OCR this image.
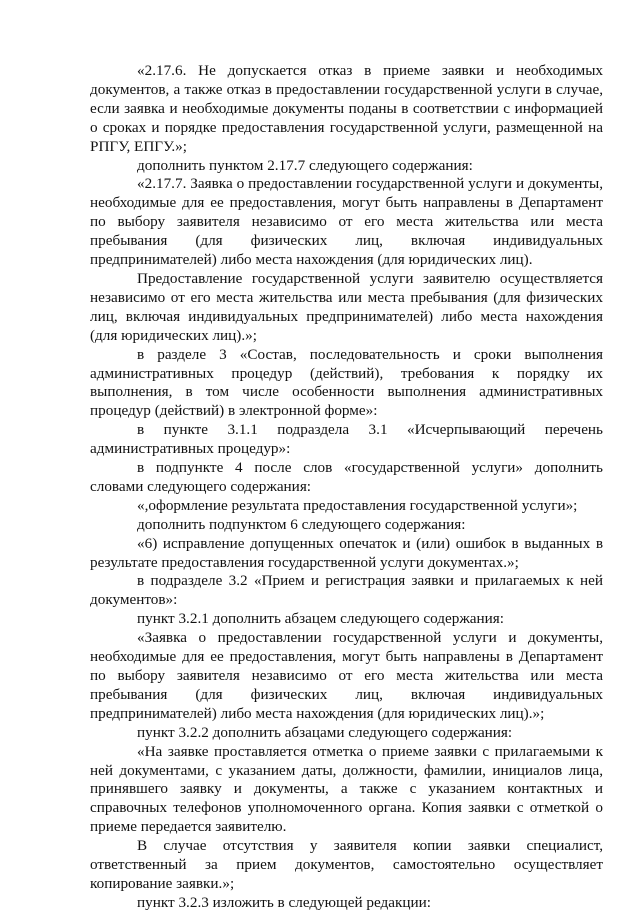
«2.17.6. Не допускается отказ в приеме заявки и необходимых документов, а также отказ в предоставлении государственной услуги в случае, если заявка и необходимые документы поданы в соответствии с информацией о сроках и порядке предоставления государственной услуги, размещенной на РПГУ, ЕПГУ.»;

дополнить пунктом 2.17.7 следующего содержания:

«2.17.7. Заявка о предоставлении государственной услуги и документы, необходимые для ее предоставления, могут быть направлены в Департамент по выбору заявителя независимо от его места жительства или места пребывания (для физических лиц, включая индивидуальных предпринимателей) либо места нахождения (для юридических лиц).

Предоставление государственной услуги заявителю осуществляется независимо от его места жительства или места пребывания (для физических лиц, включая индивидуальных предпринимателей) либо места нахождения (для юридических лиц).»;

в разделе 3 «Состав, последовательность и сроки выполнения административных процедур (действий), требования к порядку их выполнения, в том числе особенности выполнения административных процедур (действий) в электронной форме»:

в пункте 3.1.1 подраздела 3.1 «Исчерпывающий перечень административных процедур»:

в подпункте 4 после слов «государственной услуги» дополнить словами следующего содержания:

«,оформление результата предоставления государственной услуги»;

дополнить подпунктом 6 следующего содержания:

«6) исправление допущенных опечаток и (или) ошибок в выданных в результате предоставления государственной услуги документах.»;

в подразделе 3.2 «Прием и регистрация заявки и прилагаемых к ней документов»:

пункт 3.2.1 дополнить абзацем следующего содержания:

«Заявка о предоставлении государственной услуги и документы, необходимые для ее предоставления, могут быть направлены в Департамент по выбору заявителя независимо от его места жительства или места пребывания (для физических лиц, включая индивидуальных предпринимателей) либо места нахождения (для юридических лиц).»;

пункт 3.2.2 дополнить абзацами следующего содержания:

«На заявке проставляется отметка о приеме заявки с прилагаемыми к ней документами, с указанием даты, должности, фамилии, инициалов лица, принявшего заявку и документы, а также с указанием контактных и справочных телефонов уполномоченного органа. Копия заявки с отметкой о приеме передается заявителю.

В случае отсутствия у заявителя копии заявки специалист, ответственный за прием документов, самостоятельно осуществляет копирование заявки.»;

пункт 3.2.3 изложить в следующей редакции:
